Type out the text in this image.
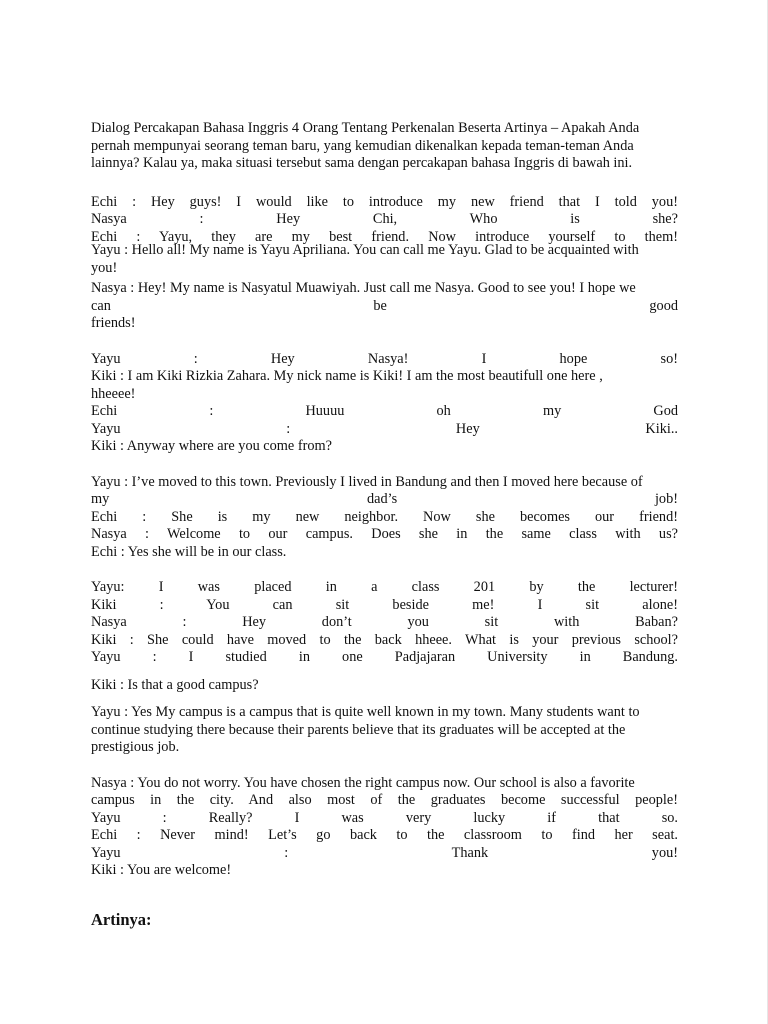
Dialog Percakapan Bahasa Inggris 4 Orang Tentang Perkenalan Beserta Artinya – Apakah Anda
pernah mempunyai seorang teman baru, yang kemudian dikenalkan kepada teman-teman Anda
lainnya? Kalau ya, maka situasi tersebut sama dengan percakapan bahasa Inggris di bawah ini.
Echi : Hey guys! I would like to introduce my new friend that I told you!
Nasya : Hey Chi, Who is she?
Echi : Yayu, they are my best friend. Now introduce yourself to them!
Yayu : Hello all! My name is Yayu Apriliana. You can call me Yayu. Glad to be acquainted with
you!
Nasya : Hey! My name is Nasyatul Muawiyah. Just call me Nasya. Good to see you! I hope we
can be good
friends!
Yayu : Hey Nasya! I hope so!
Kiki : I am Kiki Rizkia Zahara. My nick name is Kiki! I am the most beautifull one here ,
hheeee!
Echi : Huuuu oh my God
Yayu : Hey Kiki..
Kiki : Anyway where are you come from?
Yayu : I’ve moved to this town. Previously I lived in Bandung and then I moved here because of
my dad’s job!
Echi : She is my new neighbor. Now she becomes our friend!
Nasya : Welcome to our campus. Does she in the same class with us?
Echi : Yes she will be in our class.
Yayu: I was placed in a class 201 by the lecturer!
Kiki : You can sit beside me! I sit alone!
Nasya : Hey don’t you sit with Baban?
Kiki : She could have moved to the back hheee. What is your previous school?
Yayu : I studied in one Padjajaran University in Bandung.
Kiki : Is that a good campus?
Yayu : Yes My campus is a campus that is quite well known in my town. Many students want to
continue studying there because their parents believe that its graduates will be accepted at the
prestigious job.
Nasya : You do not worry. You have chosen the right campus now. Our school is also a favorite
campus in the city. And also most of the graduates become successful people!
Yayu : Really? I was very lucky if that so.
Echi : Never mind! Let’s go back to the classroom to find her seat.
Yayu : Thank you!
Kiki : You are welcome!
Artinya:
